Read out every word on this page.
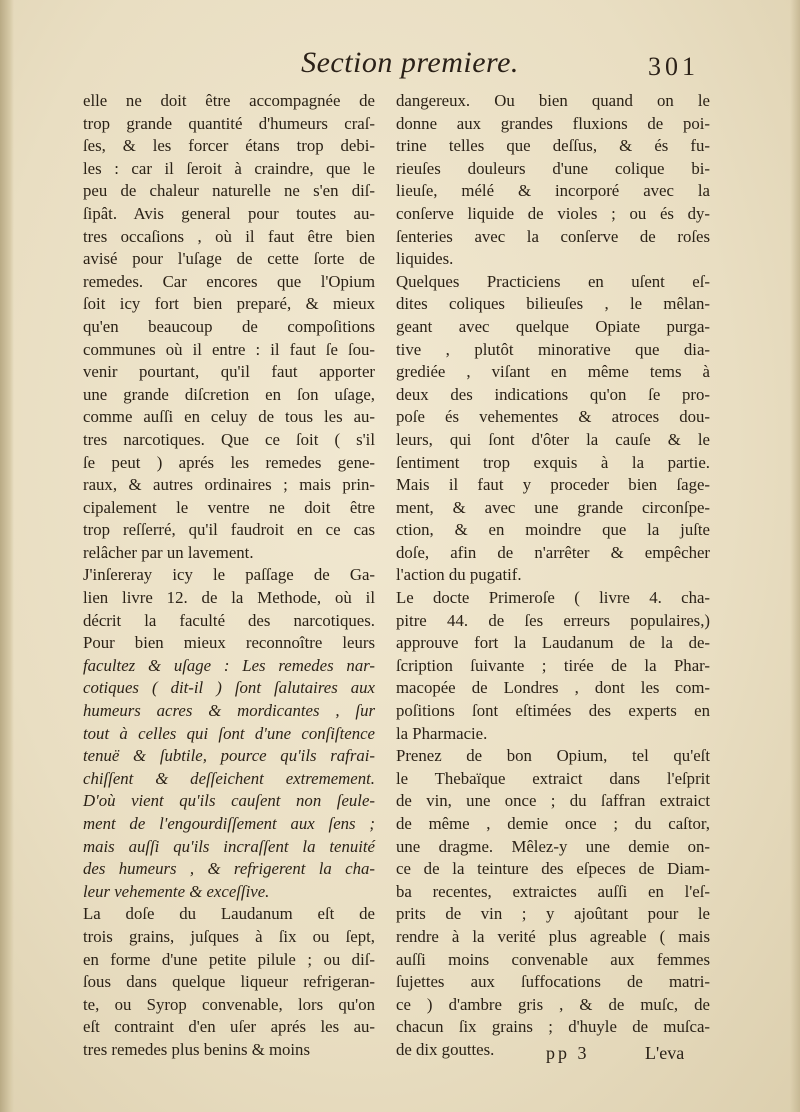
Section premiere.	301
elle ne doit être accompagnée de
trop grande quantité d'humeurs craſ-
ſes, & les forcer étans trop debi-
les : car il ſeroit à craindre, que le
peu de chaleur naturelle ne s'en diſ-
ſipât. Avis general pour toutes au-
tres occaſions , où il faut être bien
avisé pour l'uſage de cette ſorte de
remedes. Car encores que l'Opium
ſoit icy fort bien preparé, & mieux
qu'en beaucoup de compoſitions
communes où il entre : il faut ſe ſou-
venir pourtant, qu'il faut apporter
une grande diſcretion en ſon uſage,
comme auſſi en celuy de tous les au-
tres narcotiques. Que ce ſoit ( s'il
ſe peut ) aprés les remedes gene-
raux, & autres ordinaires ; mais prin-
cipalement le ventre ne doit être
trop reſſerré, qu'il faudroit en ce cas
relâcher par un lavement.
J'inſereray icy le paſſage de Ga-
lien livre 12. de la Methode, où il
décrit la faculté des narcotiques.
Pour bien mieux reconnoître leurs
facultez & uſage : Les remedes nar-
cotiques ( dit-il ) ſont ſalutaires aux
humeurs acres & mordicantes , ſur
tout à celles qui ſont d'une conſiſtence
tenuë & ſubtile, pource qu'ils rafrai-
chiſſent & deſſeichent extremement.
D'où vient qu'ils cauſent non ſeule-
ment de l'engourdiſſement aux ſens ;
mais auſſi qu'ils incraſſent la tenuité
des humeurs , & refrigerent la cha-
leur vehemente & exceſſive.
La doſe du Laudanum eſt de
trois grains, juſques à ſix ou ſept,
en forme d'une petite pilule ; ou diſ-
ſous dans quelque liqueur refrigeran-
te, ou Syrop convenable, lors qu'on
eſt contraint d'en uſer aprés les au-
tres remedes plus benins & moins
dangereux. Ou bien quand on le
donne aux grandes fluxions de poi-
trine telles que deſſus, & és fu-
rieuſes douleurs d'une colique bi-
lieuſe, mélé & incorporé avec la
conſerve liquide de violes ; ou és dy-
ſenteries avec la conſerve de roſes
liquides.
Quelques Practiciens en uſent eſ-
dites coliques bilieuſes , le mêlan-
geant avec quelque Opiate purga-
tive , plutôt minorative que dia-
grediée , viſant en même tems à
deux des indications qu'on ſe pro-
poſe és vehementes & atroces dou-
leurs, qui ſont d'ôter la cauſe & le
ſentiment trop exquis à la partie.
Mais il faut y proceder bien ſage-
ment, & avec une grande circonſpe-
ction, & en moindre que la juſte
doſe, afin de n'arrêter & empêcher
l'action du pugatif.
Le docte Primeroſe ( livre 4. cha-
pitre 44. de ſes erreurs populaires,)
approuve fort la Laudanum de la de-
ſcription ſuivante ; tirée de la Phar-
macopée de Londres , dont les com-
poſitions ſont eſtimées des experts en
la Pharmacie.
Prenez de bon Opium, tel qu'eſt
le Thebaïque extraict dans l'eſprit
de vin, une once ; du ſaffran extraict
de même , demie once ; du caſtor,
une dragme. Mêlez-y une demie on-
ce de la teinture des eſpeces de Diam-
ba recentes, extraictes auſſi en l'eſ-
prits de vin ; y ajoûtant pour le
rendre à la verité plus agreable ( mais
auſſi moins convenable aux femmes
ſujettes aux ſuffocations de matri-
ce ) d'ambre gris , & de muſc, de
chacun ſix grains ; d'huyle de muſca-
de dix gouttes.	pp 3	L'eva
